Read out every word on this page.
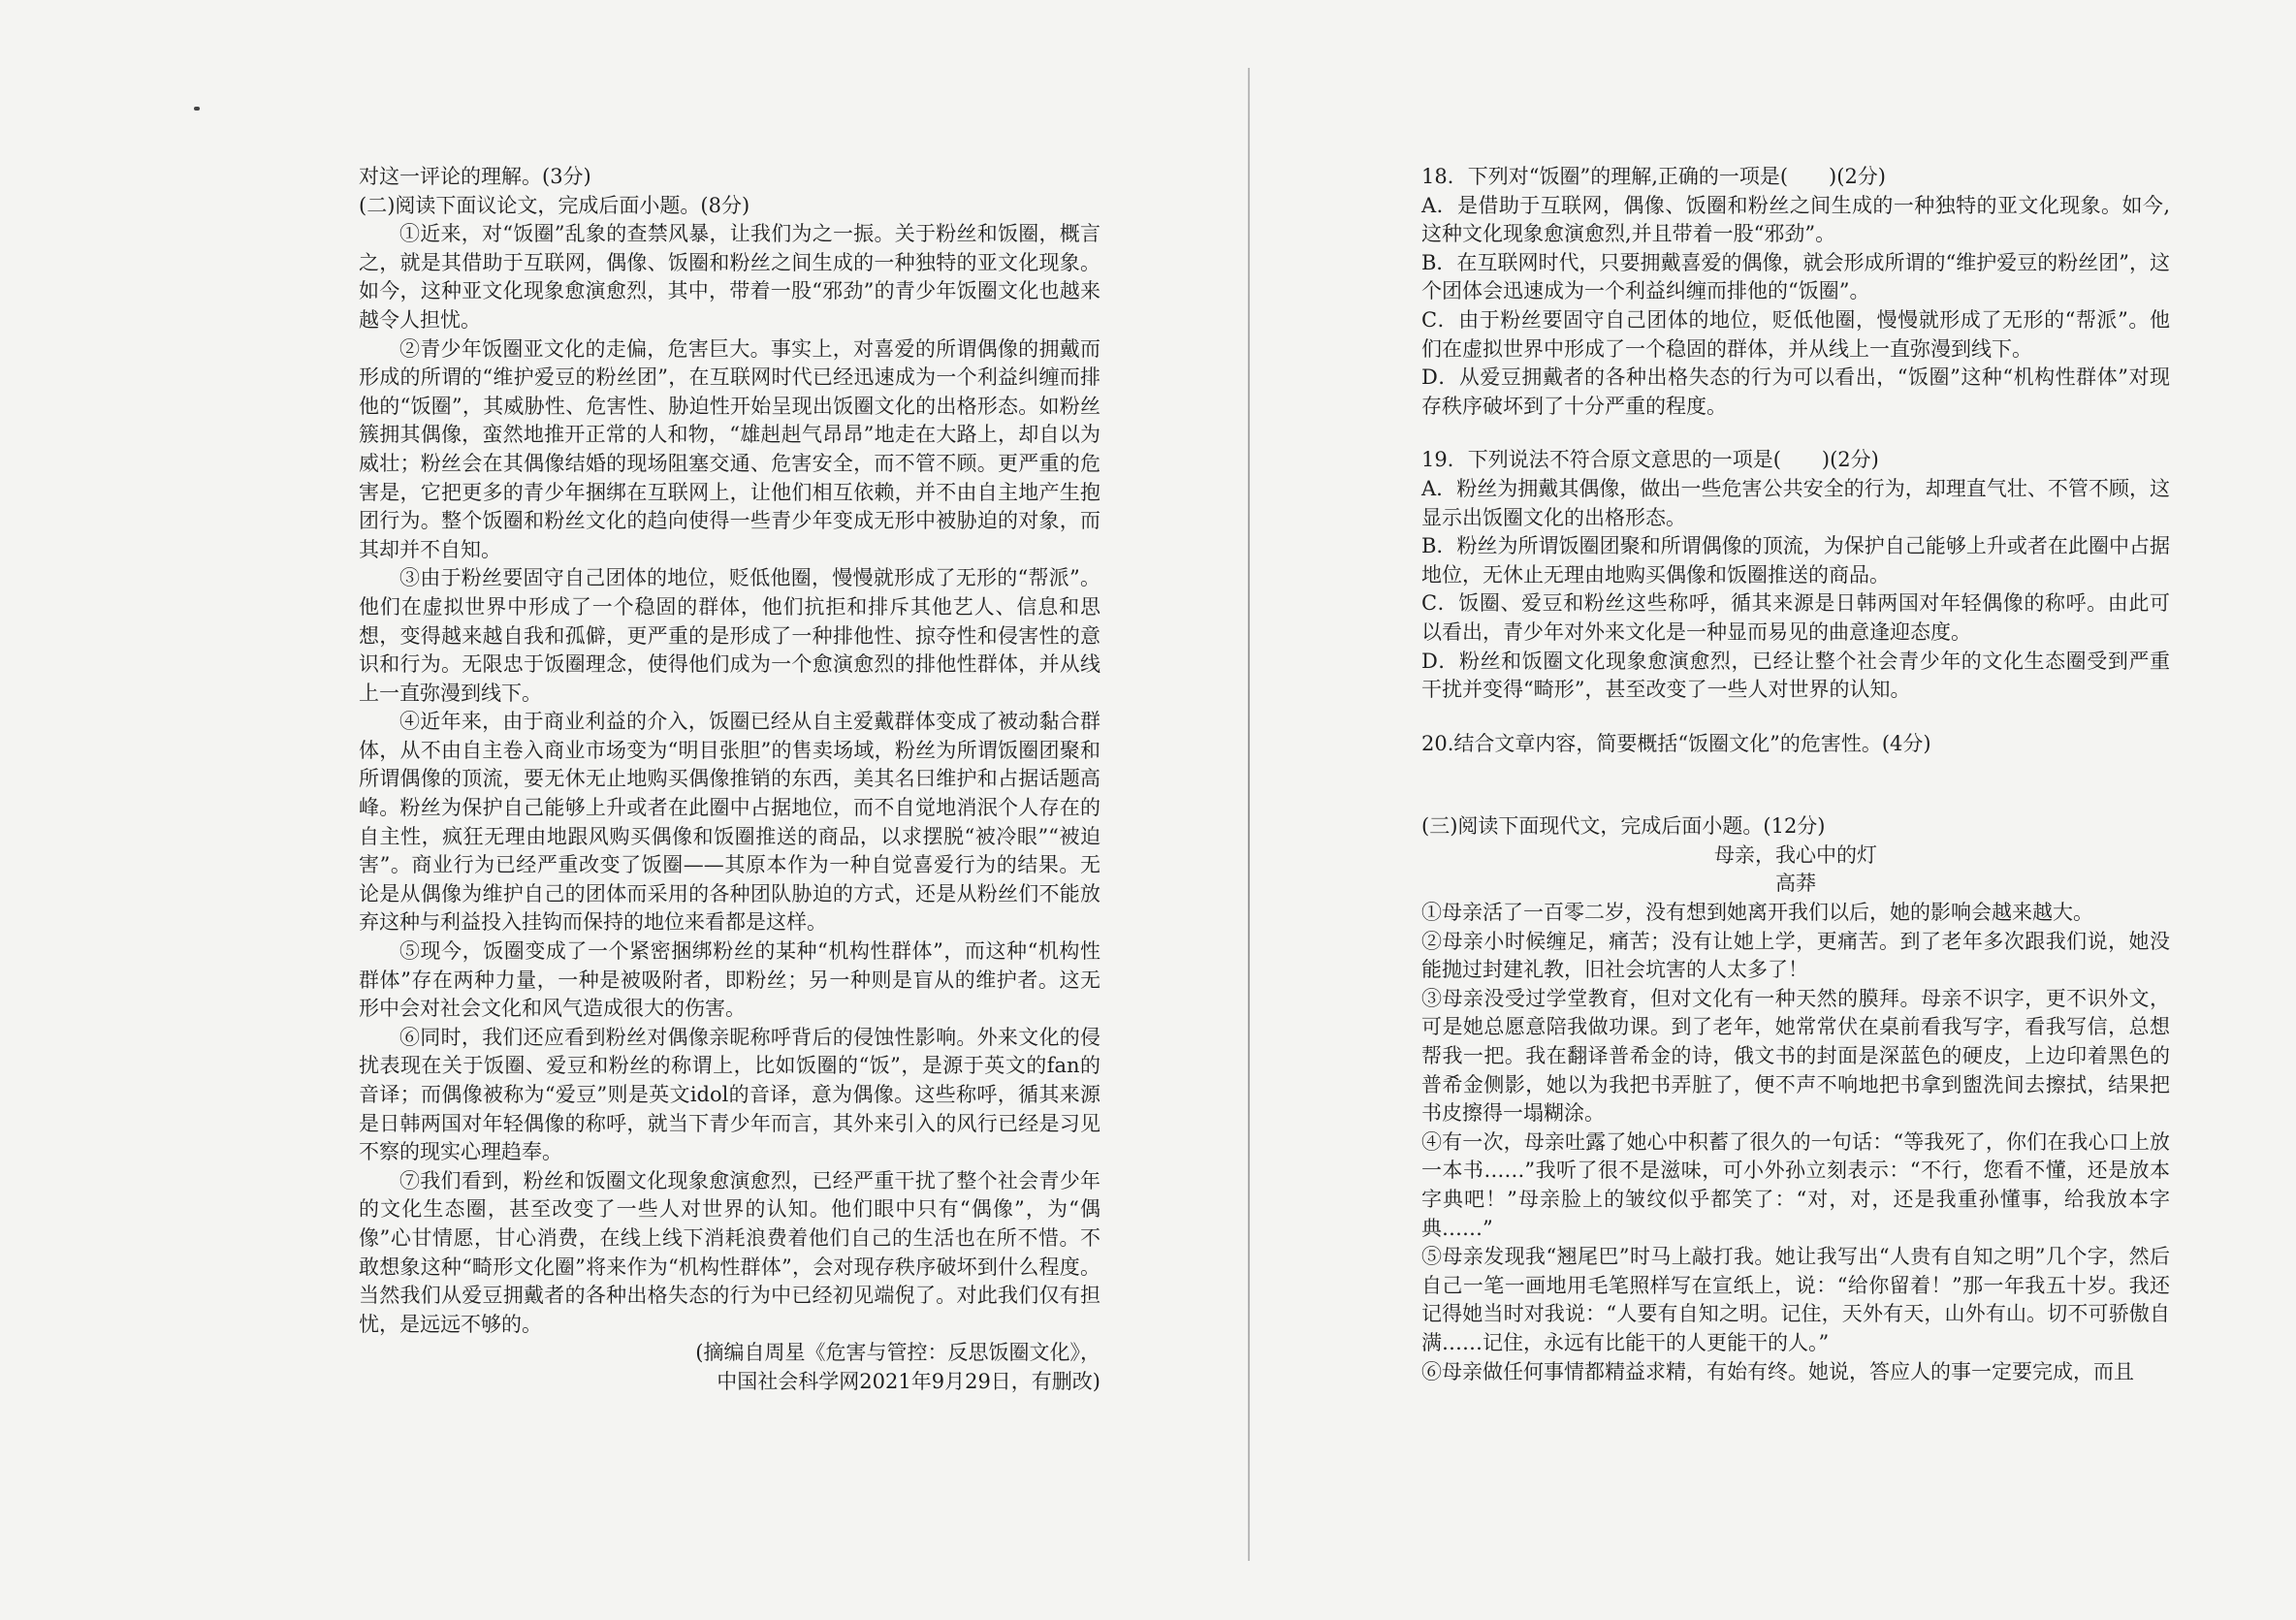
对这一评论的理解。(3分)

(二)阅读下面议论文，完成后面小题。(8分)

①近来，对“饭圈”乱象的查禁风暴，让我们为之一振。关于粉丝和饭圈，概言之，就是其借助于互联网，偶像、饭圈和粉丝之间生成的一种独特的亚文化现象。如今，这种亚文化现象愈演愈烈，其中，带着一股“邪劲”的青少年饭圈文化也越来越令人担忧。

②青少年饭圈亚文化的走偏，危害巨大。事实上，对喜爱的所谓偶像的拥戴而形成的所谓的“维护爱豆的粉丝团”，在互联网时代已经迅速成为一个利益纠缠而排他的“饭圈”，其威胁性、危害性、胁迫性开始呈现出饭圈文化的出格形态。如粉丝簇拥其偶像，蛮然地推开正常的人和物，“雄赳赳气昂昂”地走在大路上，却自以为威壮；粉丝会在其偶像结婚的现场阻塞交通、危害安全，而不管不顾。更严重的危害是，它把更多的青少年捆绑在互联网上，让他们相互依赖，并不由自主地产生抱团行为。整个饭圈和粉丝文化的趋向使得一些青少年变成无形中被胁迫的对象，而其却并不自知。

③由于粉丝要固守自己团体的地位，贬低他圈，慢慢就形成了无形的“帮派”。他们在虚拟世界中形成了一个稳固的群体，他们抗拒和排斥其他艺人、信息和思想，变得越来越自我和孤僻，更严重的是形成了一种排他性、掠夺性和侵害性的意识和行为。无限忠于饭圈理念，使得他们成为一个愈演愈烈的排他性群体，并从线上一直弥漫到线下。

④近年来，由于商业利益的介入，饭圈已经从自主爱戴群体变成了被动黏合群体，从不由自主卷入商业市场变为“明目张胆”的售卖场域，粉丝为所谓饭圈团聚和所谓偶像的顶流，要无休无止地购买偶像推销的东西，美其名曰维护和占据话题高峰。粉丝为保护自己能够上升或者在此圈中占据地位，而不自觉地消泯个人存在的自主性，疯狂无理由地跟风购买偶像和饭圈推送的商品，以求摆脱“被冷眼”“被迫害”。商业行为已经严重改变了饭圈——其原本作为一种自觉喜爱行为的结果。无论是从偶像为维护自己的团体而采用的各种团队胁迫的方式，还是从粉丝们不能放弃这种与利益投入挂钩而保持的地位来看都是这样。

⑤现今，饭圈变成了一个紧密捆绑粉丝的某种“机构性群体”，而这种“机构性群体”存在两种力量，一种是被吸附者，即粉丝；另一种则是盲从的维护者。这无形中会对社会文化和风气造成很大的伤害。

⑥同时，我们还应看到粉丝对偶像亲昵称呼背后的侵蚀性影响。外来文化的侵扰表现在关于饭圈、爱豆和粉丝的称谓上，比如饭圈的“饭”，是源于英文的fan的音译；而偶像被称为“爱豆”则是英文idol的音译，意为偶像。这些称呼，循其来源是日韩两国对年轻偶像的称呼，就当下青少年而言，其外来引入的风行已经是习见不察的现实心理趋奉。

⑦我们看到，粉丝和饭圈文化现象愈演愈烈，已经严重干扰了整个社会青少年的文化生态圈，甚至改变了一些人对世界的认知。他们眼中只有“偶像”，为“偶像”心甘情愿，甘心消费，在线上线下消耗浪费着他们自己的生活也在所不惜。不敢想象这种“畸形文化圈”将来作为“机构性群体”，会对现存秩序破坏到什么程度。当然我们从爱豆拥戴者的各种出格失态的行为中已经初见端倪了。对此我们仅有担忧，是远远不够的。

(摘编自周星《危害与管控：反思饭圈文化》，

中国社会科学网2021年9月29日，有删改)

18．下列对“饭圈”的理解,正确的一项是(　　)(2分)

A．是借助于互联网，偶像、饭圈和粉丝之间生成的一种独特的亚文化现象。如今,这种文化现象愈演愈烈,并且带着一股“邪劲”。

B．在互联网时代，只要拥戴喜爱的偶像，就会形成所谓的“维护爱豆的粉丝团”，这个团体会迅速成为一个利益纠缠而排他的“饭圈”。

C．由于粉丝要固守自己团体的地位，贬低他圈，慢慢就形成了无形的“帮派”。他们在虚拟世界中形成了一个稳固的群体，并从线上一直弥漫到线下。

D．从爱豆拥戴者的各种出格失态的行为可以看出，“饭圈”这种“机构性群体”对现存秩序破坏到了十分严重的程度。

19．下列说法不符合原文意思的一项是(　　)(2分)

A．粉丝为拥戴其偶像，做出一些危害公共安全的行为，却理直气壮、不管不顾，这显示出饭圈文化的出格形态。

B．粉丝为所谓饭圈团聚和所谓偶像的顶流，为保护自己能够上升或者在此圈中占据地位，无休止无理由地购买偶像和饭圈推送的商品。

C．饭圈、爱豆和粉丝这些称呼，循其来源是日韩两国对年轻偶像的称呼。由此可以看出，青少年对外来文化是一种显而易见的曲意逢迎态度。

D．粉丝和饭圈文化现象愈演愈烈，已经让整个社会青少年的文化生态圈受到严重干扰并变得“畸形”，甚至改变了一些人对世界的认知。

20.结合文章内容，简要概括“饭圈文化”的危害性。(4分)

(三)阅读下面现代文，完成后面小题。(12分)

母亲，我心中的灯

高莽

①母亲活了一百零二岁，没有想到她离开我们以后，她的影响会越来越大。

②母亲小时候缠足，痛苦；没有让她上学，更痛苦。到了老年多次跟我们说，她没能抛过封建礼教，旧社会坑害的人太多了！

③母亲没受过学堂教育，但对文化有一种天然的膜拜。母亲不识字，更不识外文，可是她总愿意陪我做功课。到了老年，她常常伏在桌前看我写字，看我写信，总想帮我一把。我在翻译普希金的诗，俄文书的封面是深蓝色的硬皮，上边印着黑色的普希金侧影，她以为我把书弄脏了，便不声不响地把书拿到盥洗间去擦拭，结果把书皮擦得一塌糊涂。

④有一次，母亲吐露了她心中积蓄了很久的一句话：“等我死了，你们在我心口上放一本书……”我听了很不是滋味，可小外孙立刻表示：“不行，您看不懂，还是放本字典吧！”母亲脸上的皱纹似乎都笑了：“对，对，还是我重孙懂事，给我放本字典……”

⑤母亲发现我“翘尾巴”时马上敲打我。她让我写出“人贵有自知之明”几个字，然后自己一笔一画地用毛笔照样写在宣纸上，说：“给你留着！”那一年我五十岁。我还记得她当时对我说：“人要有自知之明。记住，天外有天，山外有山。切不可骄傲自满……记住，永远有比能干的人更能干的人。”

⑥母亲做任何事情都精益求精，有始有终。她说，答应人的事一定要完成，而且
